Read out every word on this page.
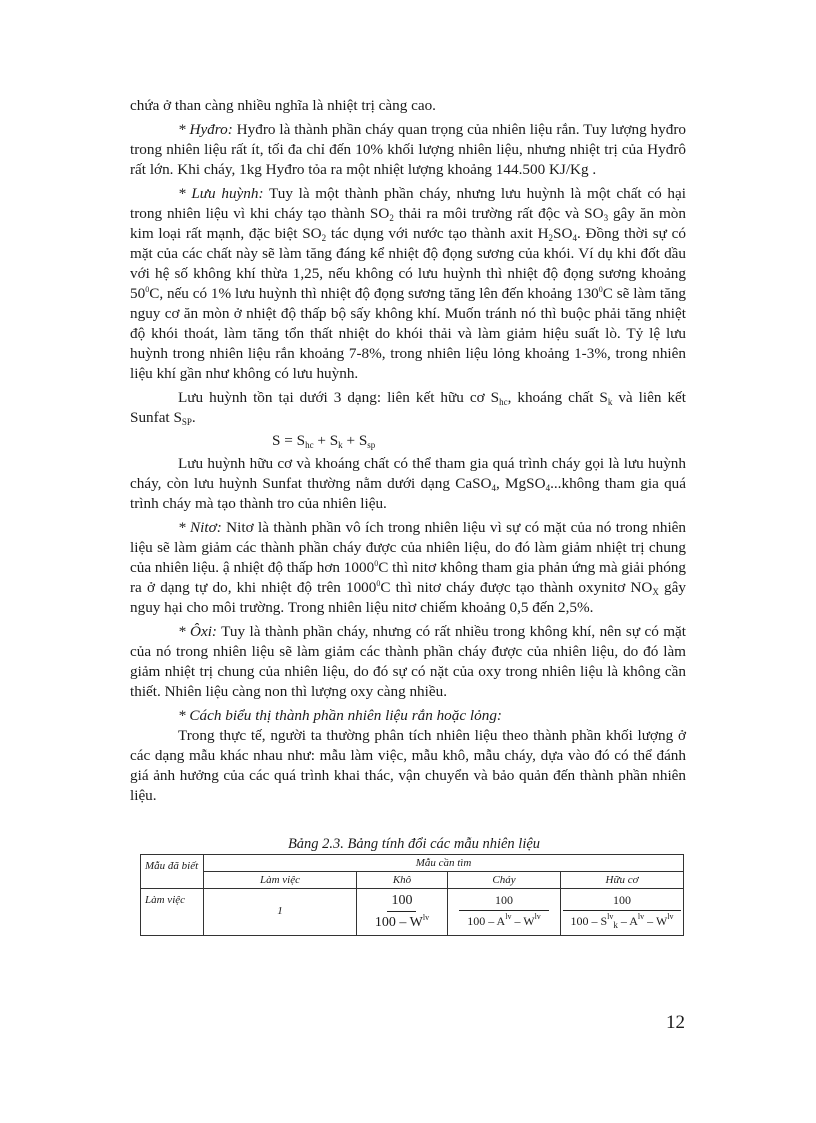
chứa ở than càng nhiều nghĩa là nhiệt trị càng cao.

* Hyđro: Hyđro là thành phần cháy quan trọng của nhiên liệu rắn. Tuy lượng hyđro trong nhiên liệu rất ít, tối đa chỉ đến 10% khối lượng nhiên liệu, nhưng nhiệt trị của Hyđrô rất lớn. Khi cháy, 1kg Hyđro tỏa ra một nhiệt lượng khoảng 144.500 KJ/Kg .

* Lưu huỳnh: Tuy là một thành phần cháy, nhưng lưu huỳnh là một chất có hại trong nhiên liệu vì khi cháy tạo thành $SO_2$ thải ra môi trường rất độc và $SO_3$ gây ăn mòn kim loại rất mạnh, đặc biệt $SO_2$ tác dụng với nước tạo thành axit $H_2SO_4$. Đồng thời sự có mặt của các chất này sẽ làm tăng đáng kể nhiệt độ đọng sương của khói. Ví dụ khi đốt dầu với hệ số không khí thừa 1,25, nếu không có lưu huỳnh thì nhiệt độ đọng sương khoảng $50^0C$, nếu có 1% lưu huỳnh thì nhiệt độ đọng sương tăng lên đến khoảng $130^0C$ sẽ làm tăng nguy cơ ăn mòn ở nhiệt độ thấp bộ sấy không khí. Muốn tránh nó thì buộc phải tăng nhiệt độ khói thoát, làm tăng tổn thất nhiệt do khói thải và làm giảm hiệu suất lò. Tỷ lệ lưu huỳnh trong nhiên liệu rắn khoảng 7-8%, trong nhiên liệu lỏng khoảng 1-3%, trong nhiên liệu khí gần như không có lưu huỳnh.

Lưu huỳnh tồn tại dưới 3 dạng: liên kết hữu cơ $S_{hc}$, khoáng chất $S_k$ và liên kết Sunfat $S_{SP}$.

$S = S_{hc} + S_k + S_{sp}$

Lưu huỳnh hữu cơ và khoáng chất có thể tham gia quá trình cháy gọi là lưu huỳnh cháy, còn lưu huỳnh Sunfat thường nằm dưới dạng CaSO$_4$, MgSO$_4$...không tham gia quá trình cháy mà tạo thành tro của nhiên liệu.

* Nitơ: Nitơ là thành phần vô ích trong nhiên liệu vì sự có mặt của nó trong nhiên liệu sẽ làm giảm các thành phần cháy được của nhiên liệu, do đó làm giảm nhiệt trị chung của nhiên liệu. ậ nhiệt độ thấp hơn 1000$^0$C thì nitơ không tham gia phản ứng mà giải phóng ra ở dạng tự do, khi nhiệt độ trên 1000$^0$C thì nitơ cháy được tạo thành oxynitơ $NO_X$ gây nguy hại cho môi trường. Trong nhiên liệu nitơ chiếm khoảng 0,5 đến 2,5%.

* Ôxi: Tuy là thành phần cháy, nhưng có rất nhiều trong không khí, nên sự có mặt của nó trong nhiên liệu sẽ làm giảm các thành phần cháy được của nhiên liệu, do đó làm giảm nhiệt trị chung của nhiên liệu, do đó sự có nặt của oxy trong nhiên liệu là không cần thiết. Nhiên liệu càng non thì lượng oxy càng nhiều.

* Cách biểu thị thành phần nhiên liệu rắn hoặc lỏng:

Trong thực tế, người ta thường phân tích nhiên liệu theo thành phần khối lượng ở các dạng mẫu khác nhau như: mẫu làm việc, mẫu khô, mẫu cháy, dựa vào đó có thể đánh giá ảnh hưởng của các quá trình khai thác, vận chuyển và bảo quản đến thành phần nhiên liệu.

Bảng 2.3. Bảng tính đổi các mẫu nhiên liệu
Mẫu đã biết	Mẫu cần tìm			
	Làm việc	Khô	Cháy	Hữu cơ
Làm việc	1	$\frac{100}{100 - W^{lv}}$	$\frac{100}{100 - A^{lv} - W^{lv}}$	$\frac{100}{100 - S^{lv}_k - A^{lv} - W^{lv}}$
12
